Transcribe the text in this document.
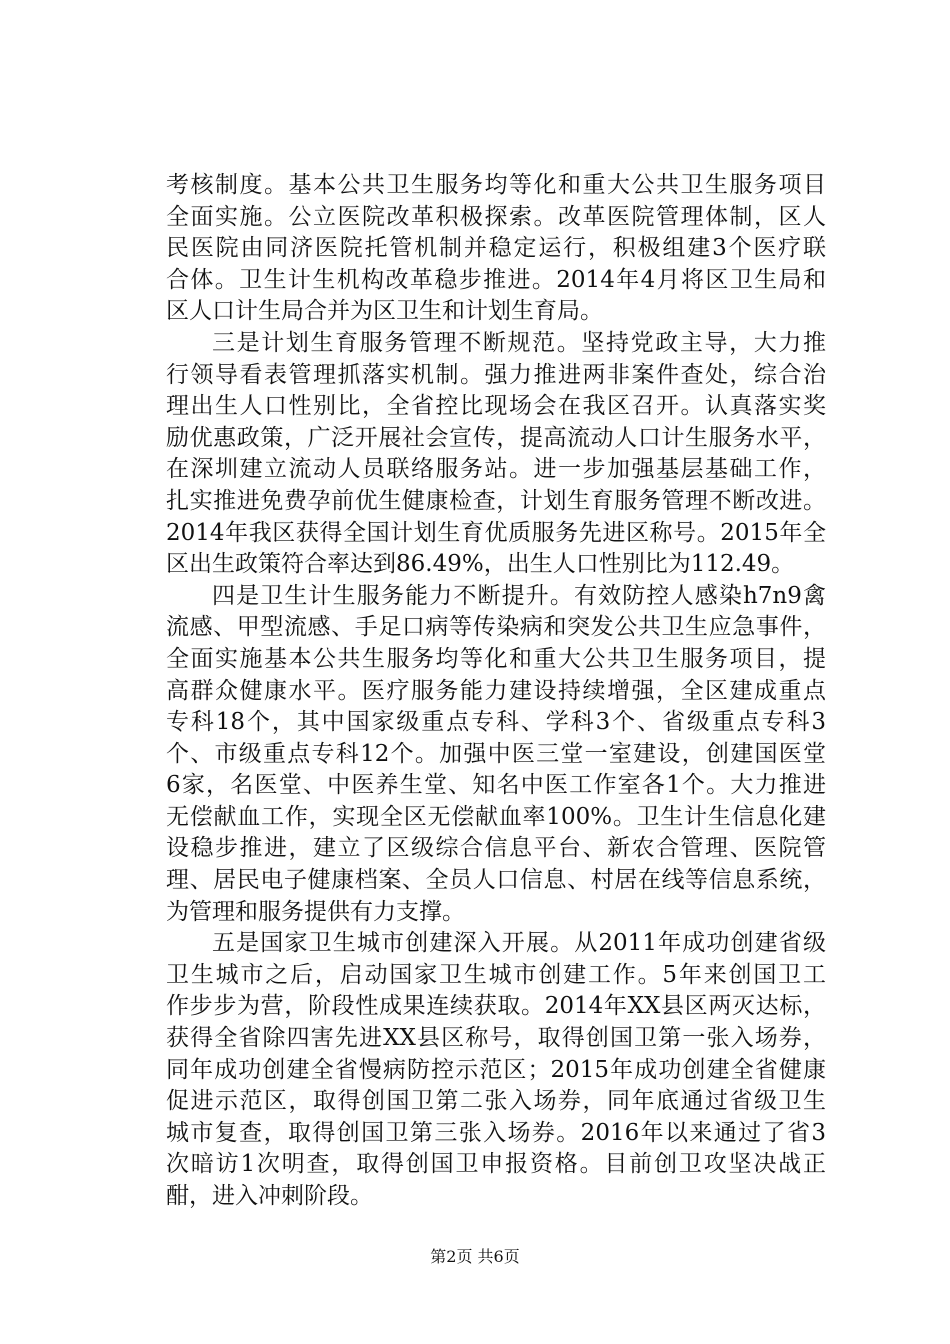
考核制度。基本公共卫生服务均等化和重大公共卫生服务项目
全面实施。公立医院改革积极探索。改革医院管理体制，区人
民医院由同济医院托管机制并稳定运行，积极组建3个医疗联
合体。卫生计生机构改革稳步推进。2014年4月将区卫生局和
区人口计生局合并为区卫生和计划生育局。
三是计划生育服务管理不断规范。坚持党政主导，大力推
行领导看表管理抓落实机制。强力推进两非案件查处，综合治
理出生人口性别比，全省控比现场会在我区召开。认真落实奖
励优惠政策，广泛开展社会宣传，提高流动人口计生服务水平，
在深圳建立流动人员联络服务站。进一步加强基层基础工作，
扎实推进免费孕前优生健康检查，计划生育服务管理不断改进。
2014年我区获得全国计划生育优质服务先进区称号。2015年全
区出生政策符合率达到86.49%，出生人口性别比为112.49。
四是卫生计生服务能力不断提升。有效防控人感染h7n9禽
流感、甲型流感、手足口病等传染病和突发公共卫生应急事件，
全面实施基本公共生服务均等化和重大公共卫生服务项目，提
高群众健康水平。医疗服务能力建设持续增强，全区建成重点
专科18个，其中国家级重点专科、学科3个、省级重点专科3
个、市级重点专科12个。加强中医三堂一室建设，创建国医堂
6家，名医堂、中医养生堂、知名中医工作室各1个。大力推进
无偿献血工作，实现全区无偿献血率100%。卫生计生信息化建
设稳步推进，建立了区级综合信息平台、新农合管理、医院管
理、居民电子健康档案、全员人口信息、村居在线等信息系统，
为管理和服务提供有力支撑。
五是国家卫生城市创建深入开展。从2011年成功创建省级
卫生城市之后，启动国家卫生城市创建工作。5年来创国卫工
作步步为营，阶段性成果连续获取。2014年XX县区两灭达标，
获得全省除四害先进XX县区称号，取得创国卫第一张入场券，
同年成功创建全省慢病防控示范区；2015年成功创建全省健康
促进示范区，取得创国卫第二张入场券，同年底通过省级卫生
城市复查，取得创国卫第三张入场券。2016年以来通过了省3
次暗访1次明查，取得创国卫申报资格。目前创卫攻坚决战正
酣，进入冲刺阶段。
第2页 共6页
